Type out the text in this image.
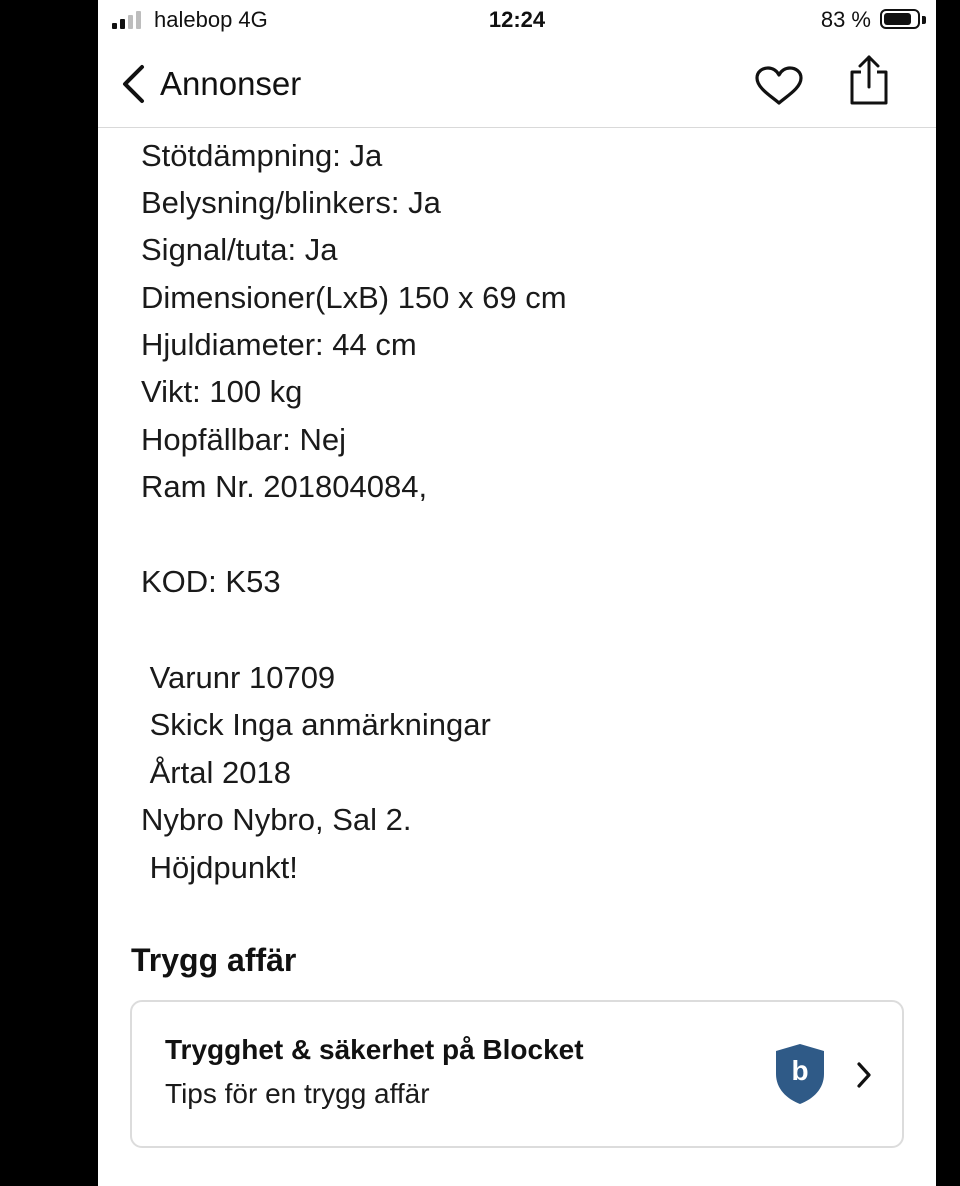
halebop 4G	12:24	83 %
Annonser
Stötdämpning: Ja
Belysning/blinkers: Ja
Signal/tuta: Ja
Dimensioner(LxB) 150 x 69 cm
Hjuldiameter: 44 cm
Vikt: 100 kg
Hopfällbar: Nej
Ram Nr. 201804084,
KOD: K53
Varunr 10709
Skick Inga anmärkningar
Årtal 2018
Nybro Nybro, Sal 2.
Höjdpunkt!
Trygg affär
Trygghet & säkerhet på Blocket
Tips för en trygg affär
b
